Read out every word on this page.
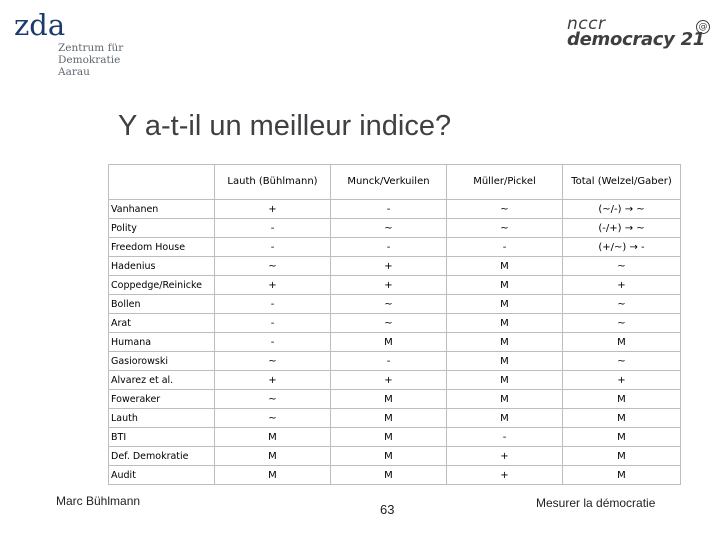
zda
Zentrum für
Demokratie
Aarau
nccr
democracy 21
@
Y a-t-il un meilleur indice?
	Lauth (Bühlmann)	Munck/Verkuilen	Müller/Pickel	Total (Welzel/Gaber)
Vanhanen	+	-	~	(~/-) → ~
Polity	-	~	~	(-/+) → ~
Freedom House	-	-	-	(+/~) → -
Hadenius	~	+	M	~
Coppedge/Reinicke	+	+	M	+
Bollen	-	~	M	~
Arat	-	~	M	~
Humana	-	M	M	M
Gasiorowski	~	-	M	~
Alvarez et al.	+	+	M	+
Foweraker	~	M	M	M
Lauth	~	M	M	M
BTI	M	M	-	M
Def. Demokratie	M	M	+	M
Audit	M	M	+	M
Marc Bühlmann
63	Mesurer la démocratie
